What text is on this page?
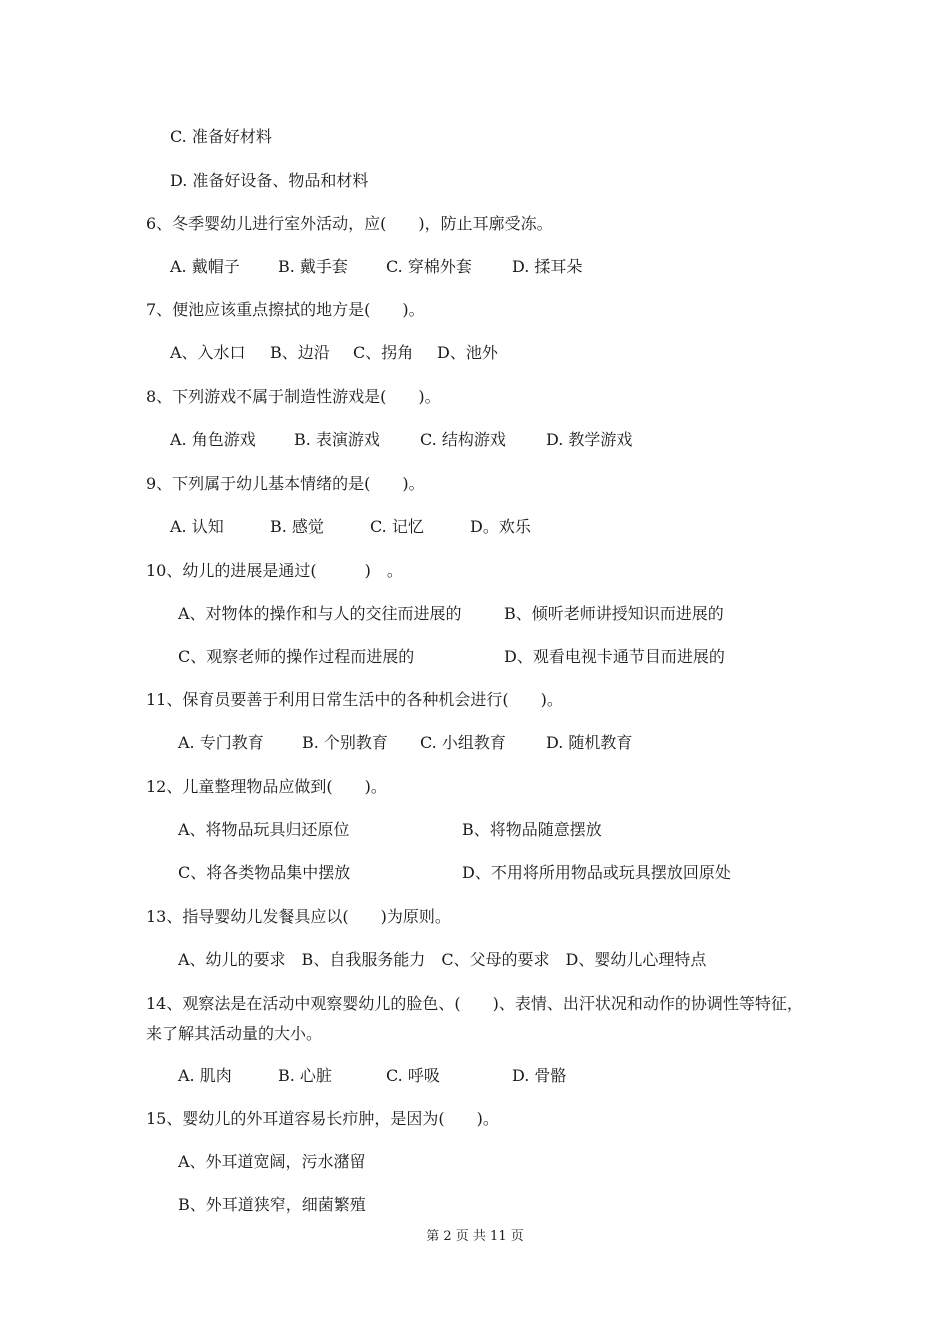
C. 准备好材料
D. 准备好设备、物品和材料
6、冬季婴幼儿进行室外活动，应(　　)，防止耳廓受冻。
A. 戴帽子 B. 戴手套 C. 穿棉外套	D. 揉耳朵
7、便池应该重点擦拭的地方是(　　)。
A、入水口 B、边沿 C、拐角 D、池外
8、下列游戏不属于制造性游戏是(　　)。
A. 角色游戏 B. 表演游戏	C. 结构游戏	D. 教学游戏
9、下列属于幼儿基本情绪的是(　　)。
A. 认知	B. 感觉	C. 记忆	D。欢乐
10、幼儿的进展是通过(　　　)　。
A、对物体的操作和与人的交往而进展的	B、倾听老师讲授知识而进展的
C、观察老师的操作过程而进展的	D、观看电视卡通节目而进展的
11、保育员要善于利用日常生活中的各种机会进行(　　)。
A. 专门教育 B. 个别教育 C. 小组教育	D. 随机教育
12、儿童整理物品应做到(　　)。
A、将物品玩具归还原位	B、将物品随意摆放
C、将各类物品集中摆放	D、不用将所用物品或玩具摆放回原处
13、指导婴幼儿发餐具应以(　　)为原则。
A、幼儿的要求　B、自我服务能力　C、父母的要求　D、婴幼儿心理特点
14、观察法是在活动中观察婴幼儿的脸色、(　　)、表情、出汗状况和动作的协调性等特征，来了解其活动量的大小。
A. 肌肉	B. 心脏	C. 呼吸	D. 骨骼
15、婴幼儿的外耳道容易长疖肿，是因为(　　)。
A、外耳道宽阔，污水潴留
B、外耳道狭窄，细菌繁殖
第 2 页 共 11 页
